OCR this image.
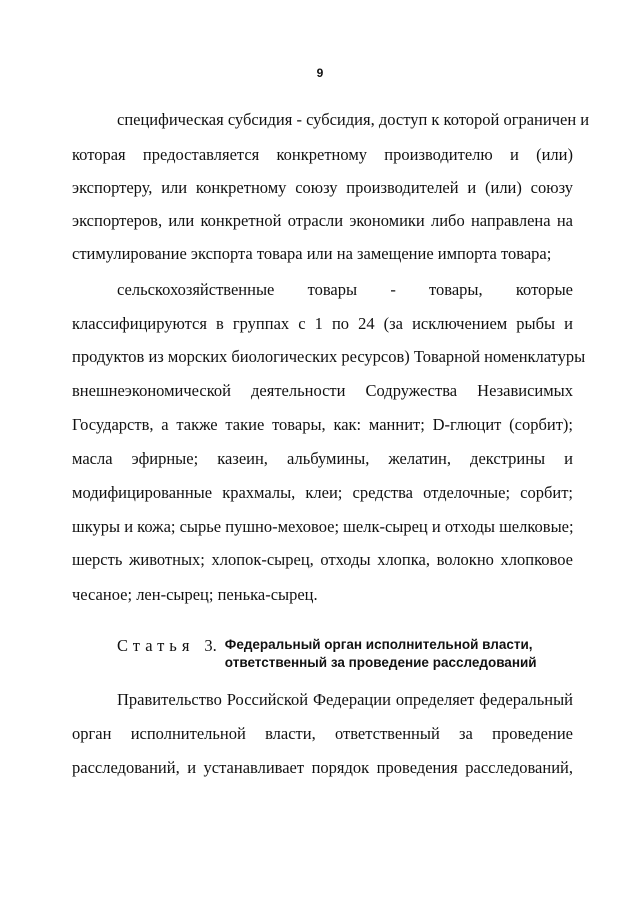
9
специфическая субсидия - субсидия, доступ к которой ограничен и
которая предоставляется конкретному производителю и (или)
экспортеру, или конкретному союзу производителей и (или) союзу
экспортеров, или конкретной отрасли экономики либо направлена на
стимулирование экспорта товара или на замещение импорта товара;
сельскохозяйственные товары - товары, которые
классифицируются в группах с 1 по 24 (за исключением рыбы и
продуктов из морских биологических ресурсов) Товарной номенклатуры
внешнеэкономической деятельности Содружества Независимых
Государств, а также такие товары, как: маннит; D-глюцит (сорбит);
масла эфирные; казеин, альбумины, желатин, декстрины и
модифицированные крахмалы, клеи; средства отделочные; сорбит;
шкуры и кожа; сырье пушно-меховое; шелк-сырец и отходы шелковые;
шерсть животных; хлопок-сырец, отходы хлопка, волокно хлопковое
чесаное; лен-сырец; пенька-сырец.
Статья 3. Федеральный орган исполнительной власти,
ответственный за проведение расследований
Правительство Российской Федерации определяет федеральный
орган исполнительной власти, ответственный за проведение
расследований, и устанавливает порядок проведения расследований,
